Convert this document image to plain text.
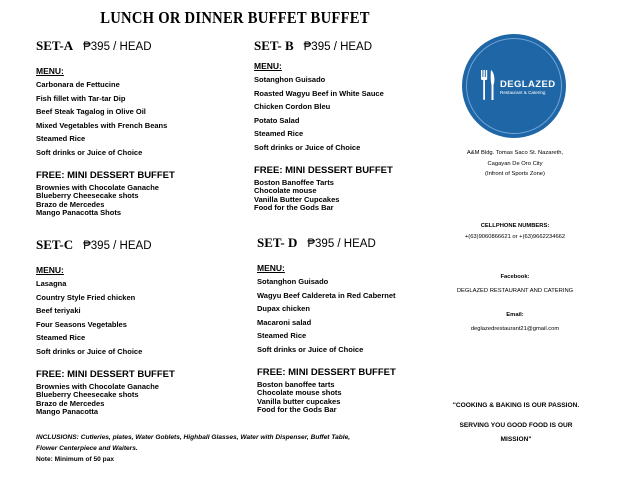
LUNCH OR DINNER BUFFET BUFFET
SET-A ₱395 / HEAD
MENU:
Carbonara de Fettucine
Fish fillet with Tar-tar Dip
Beef Steak Tagalog in Olive Oil
Mixed Vegetables with French Beans
Steamed Rice
Soft drinks or Juice of Choice
FREE: MINI DESSERT BUFFET
Brownies with Chocolate Ganache
Blueberry Cheesecake shots
Brazo de Mercedes
Mango Panacotta Shots
SET- B ₱395 / HEAD
MENU:
Sotanghon Guisado
Roasted Wagyu Beef in White Sauce
Chicken Cordon Bleu
Potato Salad
Steamed Rice
Soft drinks or Juice of Choice
FREE: MINI DESSERT BUFFET
Boston Banoffee Tarts
Chocolate mouse
Vanilla Butter Cupcakes
Food for the Gods Bar
SET-C ₱395 / HEAD
MENU:
Lasagna
Country Style Fried chicken
Beef teriyaki
Four Seasons Vegetables
Steamed Rice
Soft drinks or Juice of Choice
FREE: MINI DESSERT BUFFET
Brownies with Chocolate Ganache
Blueberry Cheesecake shots
Brazo de Mercedes
Mango Panacotta
SET- D ₱395 / HEAD
MENU:
Sotanghon Guisado
Wagyu Beef Caldereta in Red Cabernet
Dupax chicken
Macaroni salad
Steamed Rice
Soft drinks or Juice of Choice
FREE: MINI DESSERT BUFFET
Boston banoffee tarts
Chocolate mouse shots
Vanilla butter cupcakes
Food for the Gods Bar
INCLUSIONS: Cutleries, plates, Water Goblets, Highball Glasses, Water with Dispenser, Buffet Table,
Flower Centerpiece and Waiters.
Note: Minimum of 50 pax
DEGLAZED
Restaurant & Catering
A&M Bldg. Tomas Saco St. Nazareth,
Cagayan De Oro City
(Infront of Sports Zone)
CELLPHONE NUMBERS:
+(63)9060866621 or +(63)9662234662
Facebook:
DEGLAZED RESTAURANT AND CATERING
Email:
deglazedrestaurant21@gmail.com
"COOKING & BAKING IS OUR PASSION.
SERVING YOU GOOD FOOD IS OUR
MISSION"
